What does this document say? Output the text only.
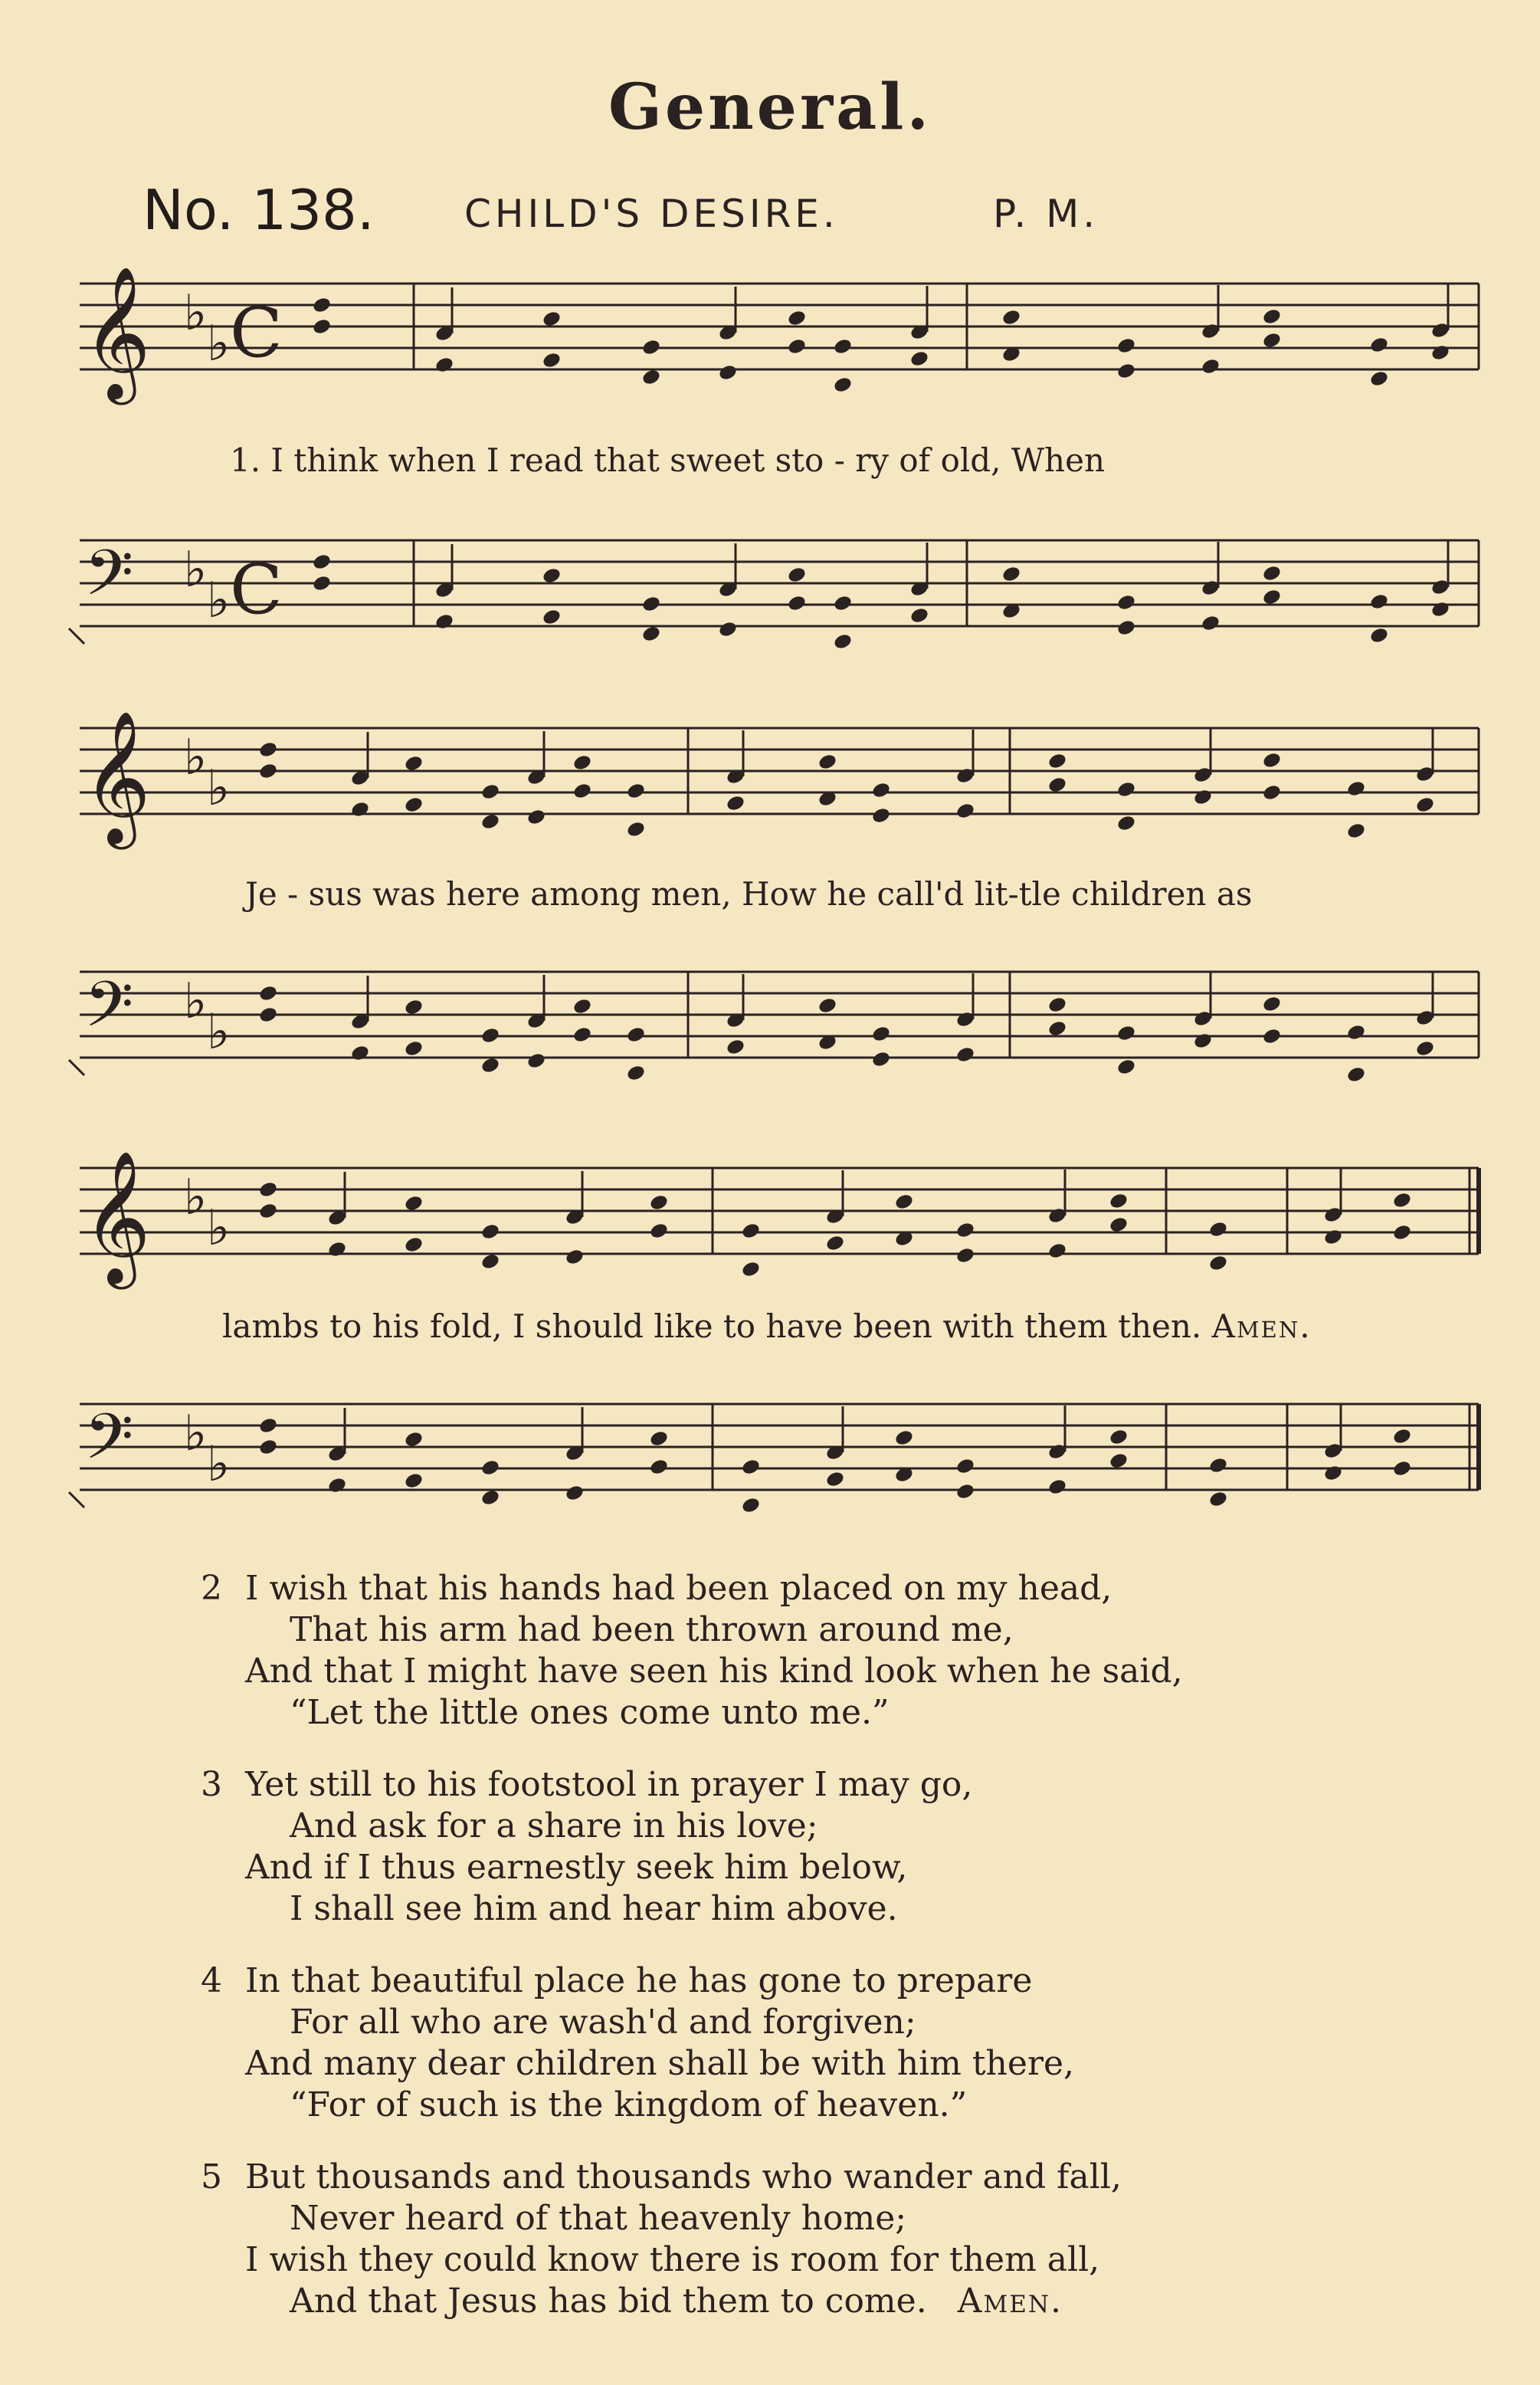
General.
No. 138. CHILD'S DESIRE.	P. M.
𝄞
𝄢
♭
♭
♭
♭
C
C
1. I think when I read that sweet sto - ry of old, When
𝄞
𝄢
♭
♭
♭
♭
Je - sus was here among men, How he call'd lit-tle children as
𝄞
𝄢
♭
♭
♭
♭
lambs to his fold, I should like to have been with them then. Amen.
2 I wish that his hands had been placed on my head,
That his arm had been thrown around me,
And that I might have seen his kind look when he said,
“Let the little ones come unto me.”
3 Yet still to his footstool in prayer I may go,
And ask for a share in his love;
And if I thus earnestly seek him below,
I shall see him and hear him above.
4 In that beautiful place he has gone to prepare
For all who are wash'd and forgiven;
And many dear children shall be with him there,
“For of such is the kingdom of heaven.”
5 But thousands and thousands who wander and fall,
Never heard of that heavenly home;
I wish they could know there is room for them all,
And that Jesus has bid them to come. Amen.
